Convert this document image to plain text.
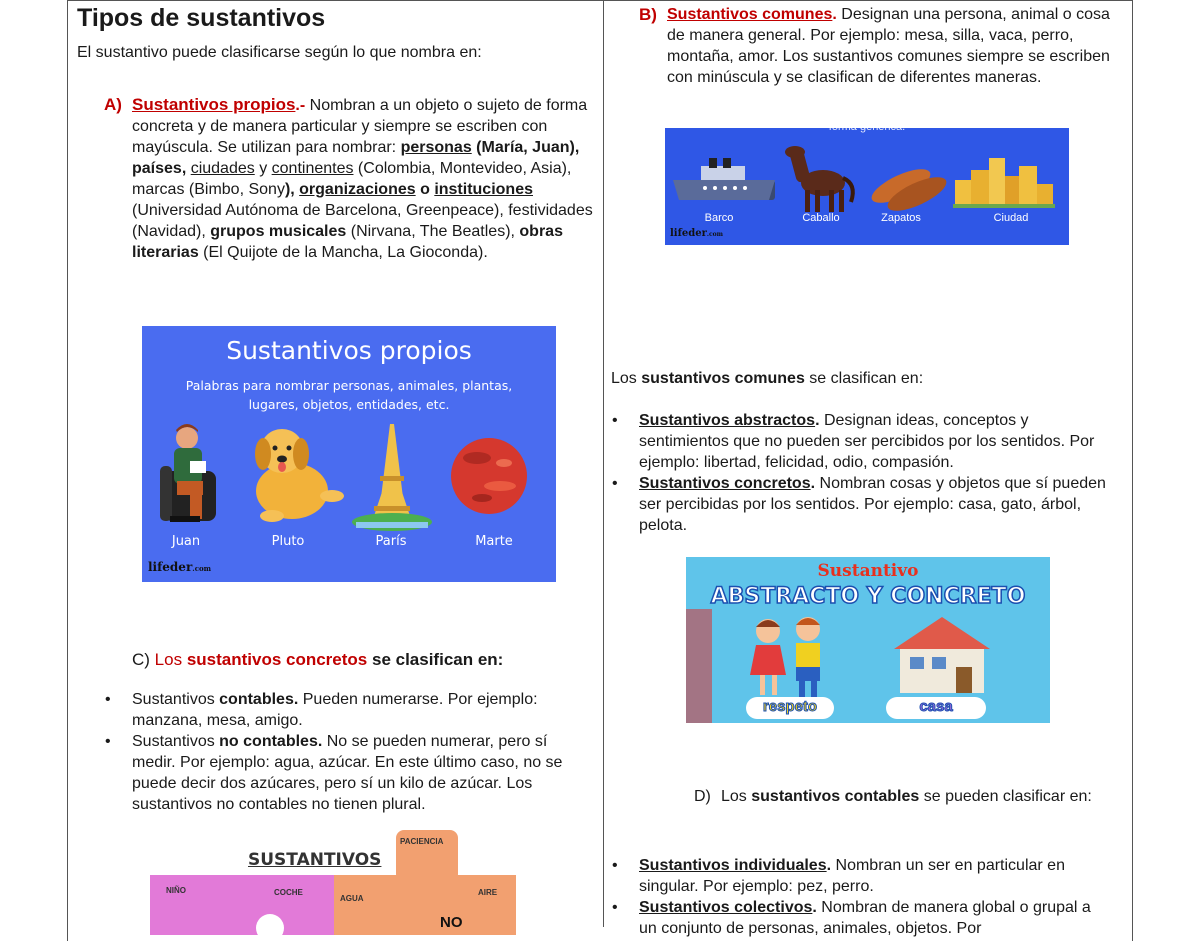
Tipos de sustantivos
El sustantivo puede clasificarse según lo que nombra en:
A) Sustantivos propios.- Nombran a un objeto o sujeto de forma concreta y de manera particular y siempre se escriben con mayúscula. Se utilizan para nombrar: personas (María, Juan),
países, ciudades y continentes (Colombia, Montevideo, Asia), marcas (Bimbo, Sony), organizaciones o instituciones (Universidad Autónoma de Barcelona, Greenpeace), festividades (Navidad), grupos musicales (Nirvana, The Beatles), obras literarias (El Quijote de la Mancha, La Gioconda).
Sustantivos propios
Palabras para nombrar personas, animales, plantas, lugares, objetos, entidades, etc.
Juan	Pluto	París	Marte
lifeder.com
C) Los sustantivos concretos se clasifican en:
• Sustantivos contables. Pueden numerarse. Por ejemplo: manzana, mesa, amigo.
• Sustantivos no contables. No se pueden numerar, pero sí medir. Por ejemplo: agua, azúcar. En este último caso, no se puede decir dos azúcares, pero sí un kilo de azúcar. Los sustantivos no contables no tienen plural.
SUSTANTIVOS
NIÑO	COCHE
AGUA
AIRE
PACIENCIA
NO
B) Sustantivos comunes. Designan una persona, animal o cosa de manera general. Por ejemplo: mesa, silla, vaca, perro, montaña, amor. Los sustantivos comunes siempre se escriben con minúscula y se clasifican de diferentes maneras.
forma genérica.
Barco	Caballo	Zapatos	Ciudad
lifeder.com
Los sustantivos comunes se clasifican en:
• Sustantivos abstractos. Designan ideas, conceptos y sentimientos que no pueden ser percibidos por los sentidos. Por ejemplo: libertad, felicidad, odio, compasión.
• Sustantivos concretos. Nombran cosas y objetos que sí pueden ser percibidas por los sentidos. Por ejemplo: casa, gato, árbol, pelota.
Sustantivo
ABSTRACTO Y CONCRETO
respeto	casa
D) Los sustantivos contables se pueden clasificar en:
• Sustantivos individuales. Nombran un ser en particular en singular. Por ejemplo: pez, perro.
• Sustantivos colectivos. Nombran de manera global o grupal a un conjunto de personas, animales, objetos. Por
